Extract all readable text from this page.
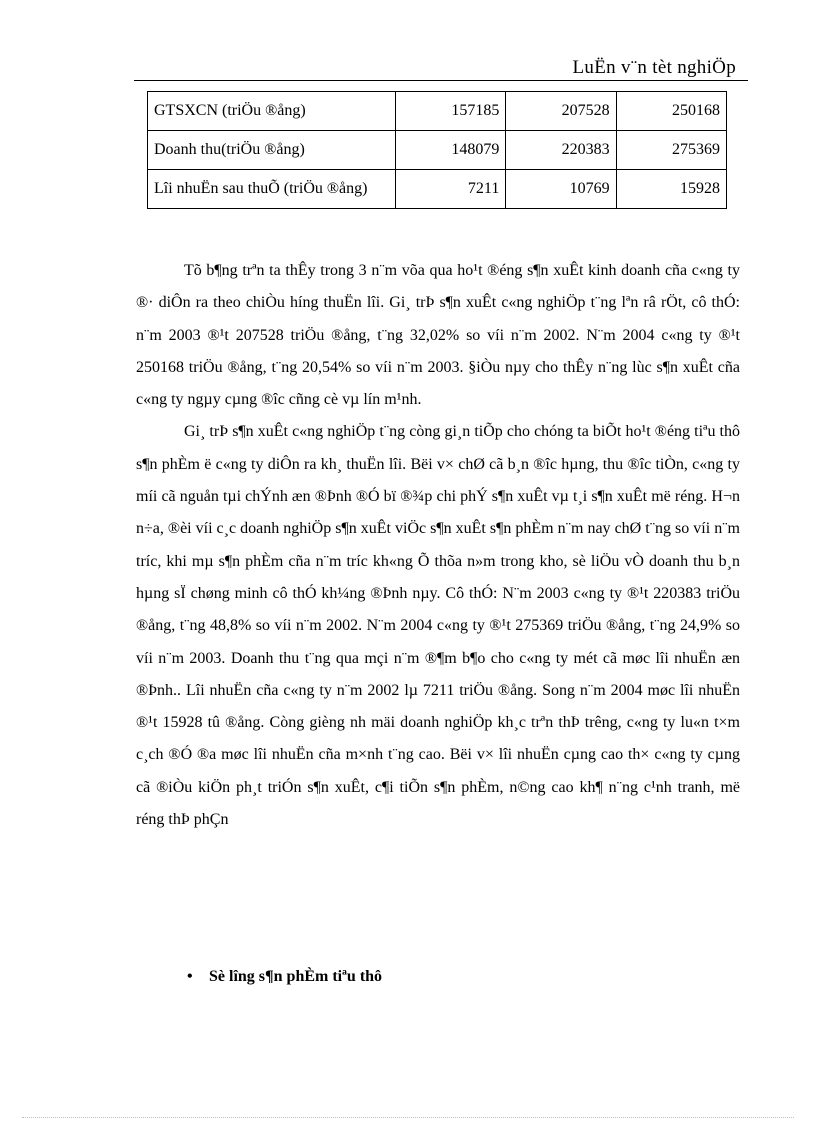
LuËn v¨n tèt nghiÖp
GTSXCN (triÖu ®ång)	157185	207528	250168
Doanh thu(triÖu ®ång)	148079	220383	275369
Lîi nhuËn sau thuÕ (triÖu ®ång)	7211	10769	15928

Tõ b¶ng trªn ta thÊy trong 3 n¨m võa qua ho¹t ®éng s¶n xuÊt kinh doanh cña c«ng ty ®· diÔn ra theo chiÒu híng thuËn lîi. Gi¸ trÞ s¶n xuÊt c«ng nghiÖp t¨ng lªn râ rÖt, cô thÓ: n¨m 2003 ®¹t 207528 triÖu ®ång, t¨ng 32,02% so víi n¨m 2002. N¨m 2004 c«ng ty ®¹t 250168 triÖu ®ång, t¨ng 20,54% so víi n¨m 2003. §iÒu nµy cho thÊy n¨ng lùc s¶n xuÊt cña c«ng ty ngµy cµng ®îc cñng cè vµ lín m¹nh.

Gi¸ trÞ s¶n xuÊt c«ng nghiÖp t¨ng còng gi¸n tiÕp cho chóng ta biÕt ho¹t ®éng tiªu thô s¶n phÈm ë c«ng ty diÔn ra kh¸ thuËn lîi. Bëi v× chØ cã b¸n ®îc hµng, thu ®îc tiÒn, c«ng ty míi cã nguån tµi chÝnh æn ®Þnh ®Ó bï ®¾p chi phÝ s¶n xuÊt vµ t¸i s¶n xuÊt më réng. H¬n n÷a, ®èi víi c¸c doanh nghiÖp s¶n xuÊt viÖc s¶n xuÊt s¶n phÈm n¨m nay chØ t¨ng so víi n¨m tríc, khi mµ s¶n phÈm cña n¨m tríc kh«ng Õ thõa n»m trong kho, sè liÖu vÒ doanh thu b¸n hµng sÏ chøng minh cô thÓ kh¼ng ®Þnh nµy. Cô thÓ: N¨m 2003 c«ng ty ®¹t 220383 triÖu ®ång, t¨ng 48,8% so víi n¨m 2002. N¨m 2004 c«ng ty ®¹t 275369 triÖu ®ång, t¨ng 24,9% so víi n¨m 2003. Doanh thu t¨ng qua mçi n¨m ®¶m b¶o cho c«ng ty mét cã møc lîi nhuËn æn ®Þnh.. Lîi nhuËn cña c«ng ty n¨m 2002 lµ 7211 triÖu ®ång. Song n¨m 2004 møc lîi nhuËn ®¹t 15928 tû ®ång. Còng gièng nh mäi doanh nghiÖp kh¸c trªn thÞ trêng, c«ng ty lu«n t×m c¸ch ®Ó ®a møc lîi nhuËn cña m×nh t¨ng cao. Bëi v× lîi nhuËn cµng cao th× c«ng ty cµng cã ®iÒu kiÖn ph¸t triÓn s¶n xuÊt, c¶i tiÕn s¶n phÈm, n©ng cao kh¶ n¨ng c¹nh tranh, më réng thÞ phÇn

• Sè lîng s¶n phÈm tiªu thô
